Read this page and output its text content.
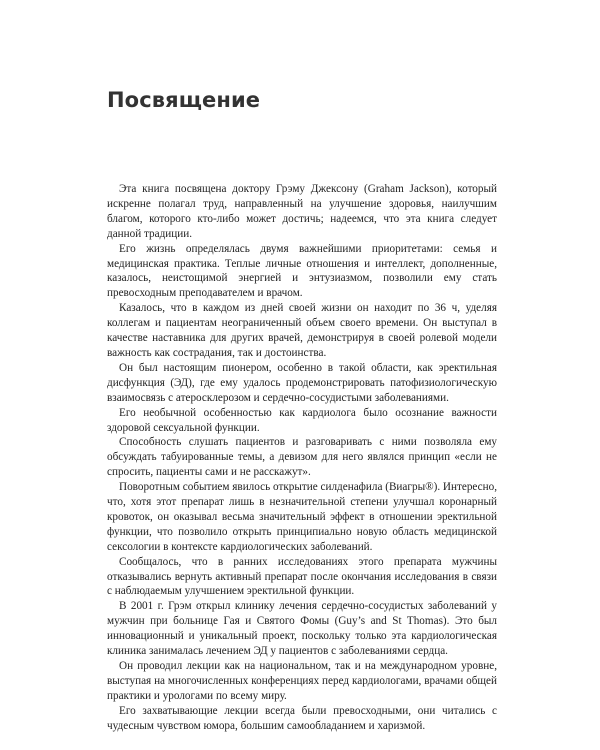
Посвящение

Эта книга посвящена доктору Грэму Джексону (Graham Jackson), который искренне полагал труд, направленный на улучшение здоровья, наилучшим благом, которого кто-либо может достичь; надеемся, что эта книга следует данной традиции.

Его жизнь определялась двумя важнейшими приоритетами: семья и медицинская практика. Теплые личные отношения и интеллект, дополненные, казалось, неистощимой энергией и энтузиазмом, позволили ему стать превосходным преподавателем и врачом.

Казалось, что в каждом из дней своей жизни он находит по 36 ч, уделяя коллегам и пациентам неограниченный объем своего времени. Он выступал в качестве наставника для других врачей, демонстрируя в своей ролевой модели важность как сострадания, так и достоинства.

Он был настоящим пионером, особенно в такой области, как эректильная дисфункция (ЭД), где ему удалось продемонстрировать патофизиологическую взаимосвязь с атеросклерозом и сердечно-сосудистыми заболеваниями.

Его необычной особенностью как кардиолога было осознание важности здоровой сексуальной функции.

Способность слушать пациентов и разговаривать с ними позволяла ему обсуждать табуированные темы, а девизом для него являлся принцип «если не спросить, пациенты сами и не расскажут».

Поворотным событием явилось открытие силденафила (Виагры®). Интересно, что, хотя этот препарат лишь в незначительной степени улучшал коронарный кровоток, он оказывал весьма значительный эффект в отношении эректильной функции, что позволило открыть принципиально новую область медицинской сексологии в контексте кардиологических заболеваний.

Сообщалось, что в ранних исследованиях этого препарата мужчины отказывались вернуть активный препарат после окончания исследования в связи с наблюдаемым улучшением эректильной функции.

В 2001 г. Грэм открыл клинику лечения сердечно-сосудистых заболеваний у мужчин при больнице Гая и Святого Фомы (Guy’s and St Thomas). Это был инновационный и уникальный проект, поскольку только эта кардиологическая клиника занималась лечением ЭД у пациентов с заболеваниями сердца.

Он проводил лекции как на национальном, так и на международном уровне, выступая на многочисленных конференциях перед кардиологами, врачами общей практики и урологами по всему миру.

Его захватывающие лекции всегда были превосходными, они читались с чудесным чувством юмора, большим самообладанием и харизмой.
